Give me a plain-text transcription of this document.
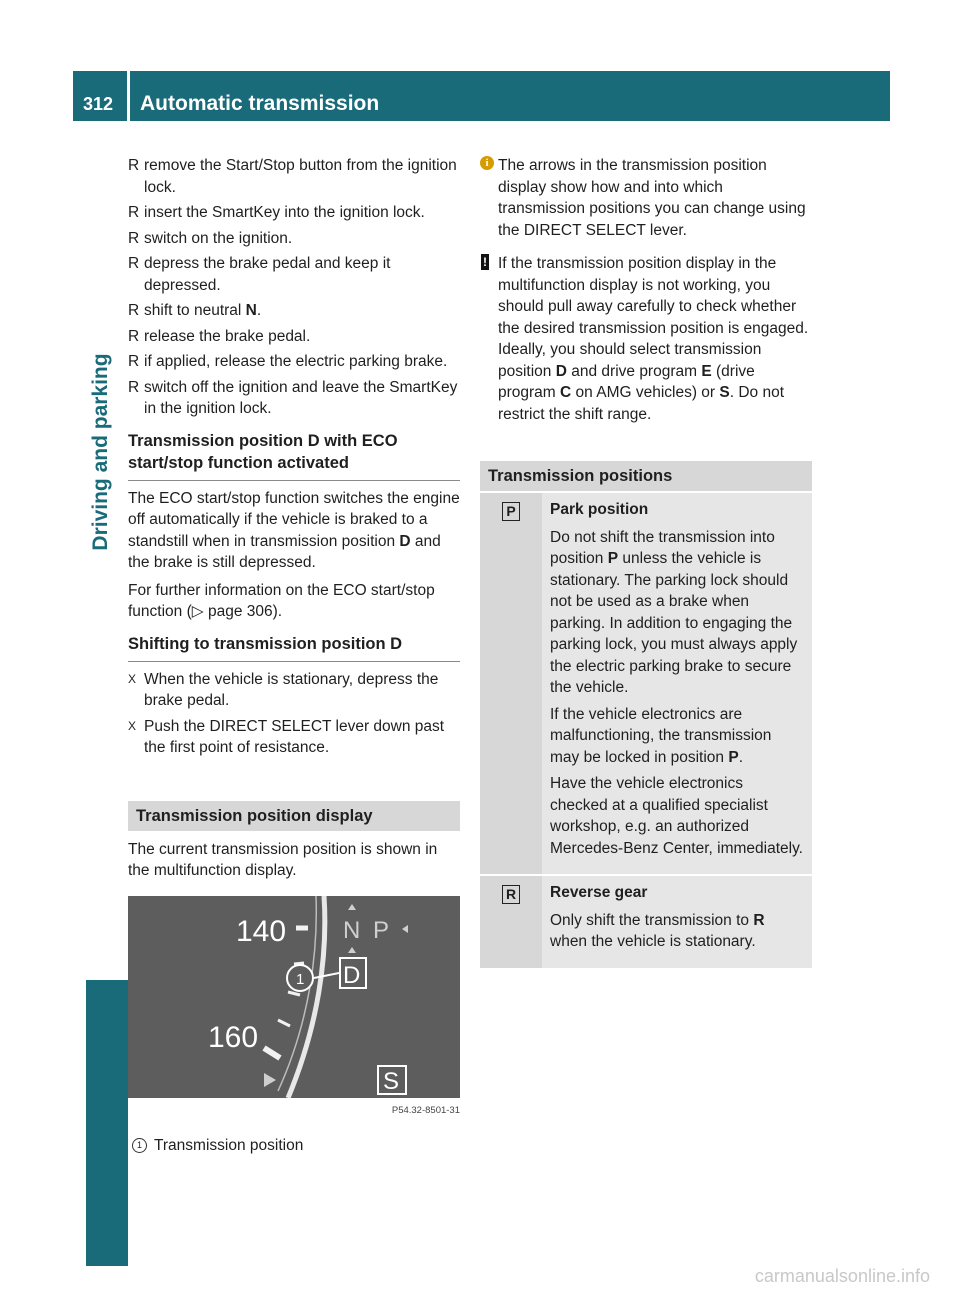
312	Automatic transmission
Driving and parking
R remove the Start/Stop button from the ignition lock.
R insert the SmartKey into the ignition lock.
R switch on the ignition.
R depress the brake pedal and keep it depressed.
R shift to neutral N.
R release the brake pedal.
R if applied, release the electric parking brake.
R switch off the ignition and leave the SmartKey in the ignition lock.
Transmission position D with ECO start/stop function activated

The ECO start/stop function switches the engine off automatically if the vehicle is braked to a standstill when in transmission position D and the brake is still depressed.

For further information on the ECO start/stop function (▷ page 306).

Shifting to transmission position D
X When the vehicle is stationary, depress the brake pedal.
X Push the DIRECT SELECT lever down past the first point of resistance.
Transmission position display

The current transmission position is shown in the multifunction display.

140
160
N P
D
1
S
P54.32-8501-31
1 Transmission position
i The arrows in the transmission position display show how and into which transmission positions you can change using the DIRECT SELECT lever.
! If the transmission position display in the multifunction display is not working, you should pull away carefully to check whether the desired transmission position is engaged. Ideally, you should select transmission position D and drive program E (drive program C on AMG vehicles) or S. Do not restrict the shift range.
Transmission positions
P	Park position

Do not shift the transmission into position P unless the vehicle is stationary. The parking lock should not be used as a brake when parking. In addition to engaging the parking lock, you must always apply the electric parking brake to secure the vehicle.

If the vehicle electronics are malfunctioning, the transmission may be locked in position P.

Have the vehicle electronics checked at a qualified specialist workshop, e.g. an authorized Mercedes-Benz Center, immediately.

R	Reverse gear

Only shift the transmission to R when the vehicle is stationary.

carmanualsonline.info
